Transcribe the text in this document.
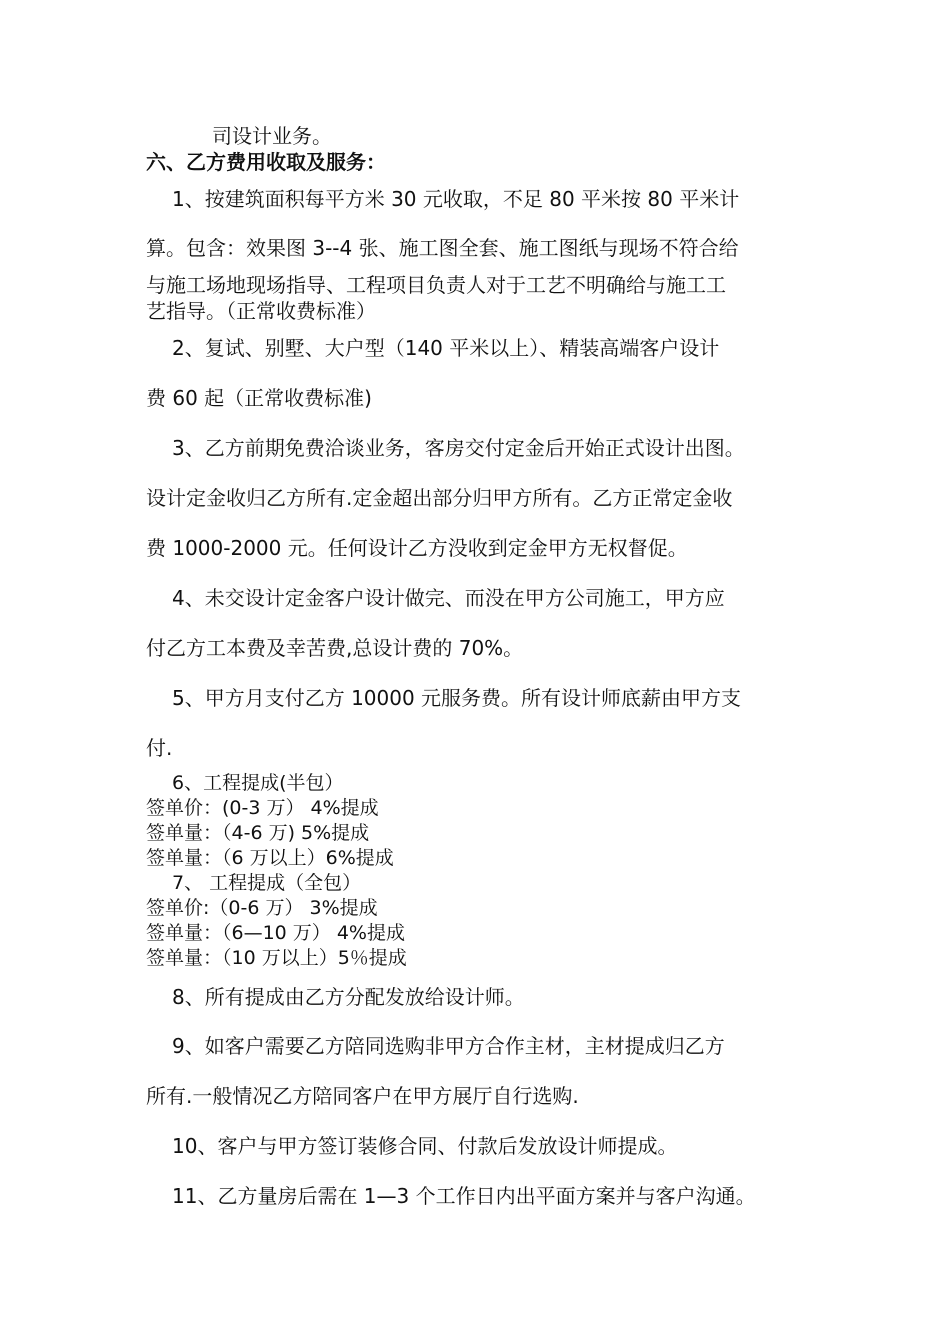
司设计业务。
六、乙方费用收取及服务：
1、按建筑面积每平方米 30 元收取，不足 80 平米按 80 平米计
算。包含：效果图 3--4 张、施工图全套、施工图纸与现场不符合给
与施工场地现场指导、工程项目负责人对于工艺不明确给与施工工
艺指导。（正常收费标准）
2、复试、别墅、大户型（140 平米以上）、精装高端客户设计
费 60 起（正常收费标准)
3、乙方前期免费洽谈业务，客房交付定金后开始正式设计出图。
设计定金收归乙方所有.定金超出部分归甲方所有。乙方正常定金收
费 1000-2000 元。任何设计乙方没收到定金甲方无权督促。
4、未交设计定金客户设计做完、而没在甲方公司施工，甲方应
付乙方工本费及幸苦费,总设计费的 70%。
5、甲方月支付乙方 10000 元服务费。所有设计师底薪由甲方支
付.
6、工程提成(半包）
签单价：(0-3 万） 4%提成
签单量：（4-6 万) 5%提成
签单量：（6 万以上）6%提成
7、 工程提成（全包）
签单价:（0-6 万） 3%提成
签单量：（6—10 万） 4%提成
签单量：（10 万以上）5％提成
8、所有提成由乙方分配发放给设计师。
9、如客户需要乙方陪同选购非甲方合作主材，主材提成归乙方
所有.一般情况乙方陪同客户在甲方展厅自行选购.
10、客户与甲方签订装修合同、付款后发放设计师提成。
11、乙方量房后需在 1—3 个工作日内出平面方案并与客户沟通。
